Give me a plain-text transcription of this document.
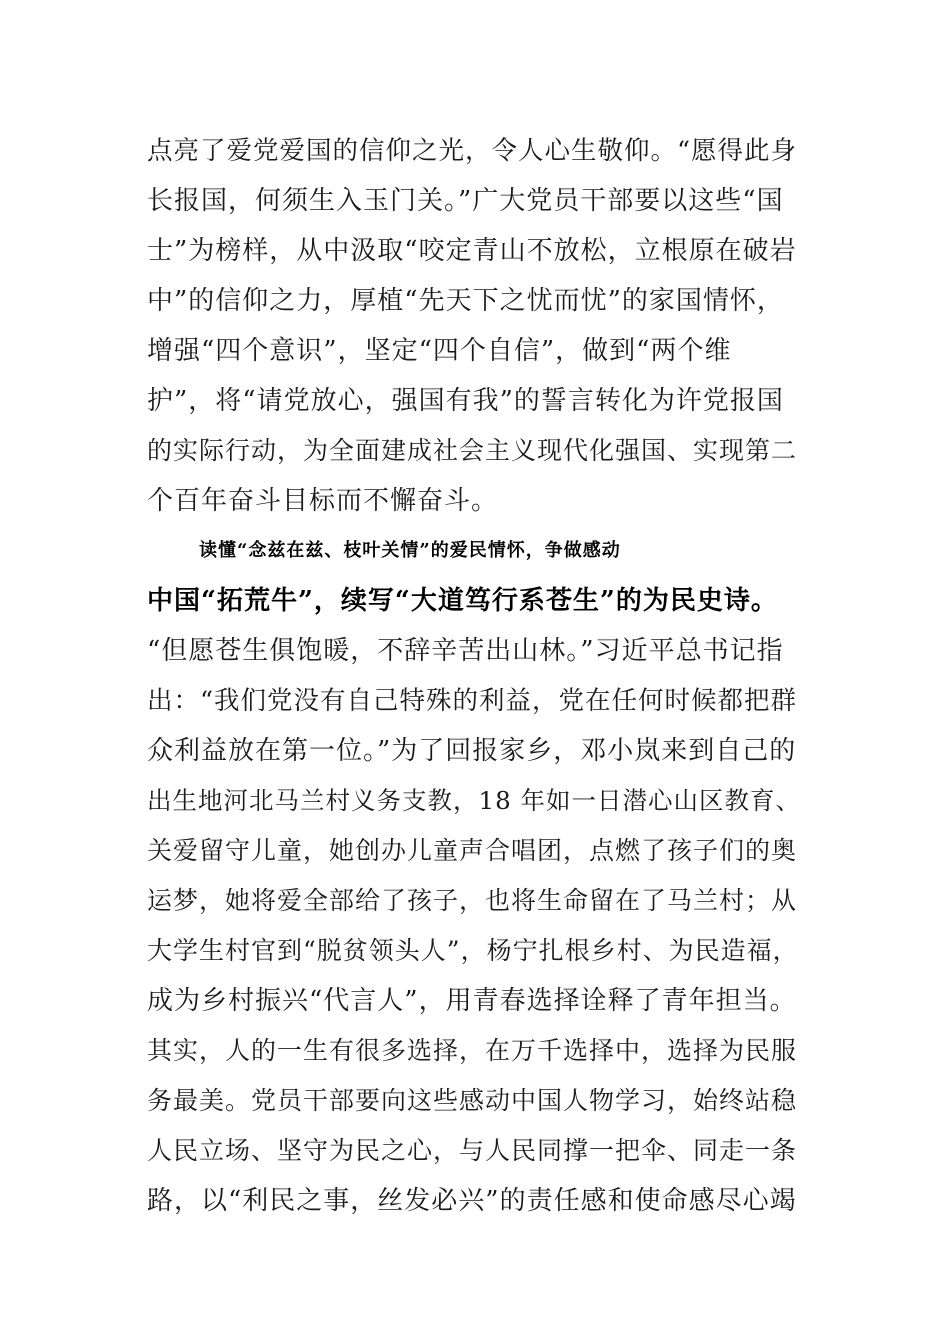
点亮了爱党爱国的信仰之光，令人心生敬仰。“愿得此身
长报国，何须生入玉门关。”广大党员干部要以这些“国
士”为榜样，从中汲取“咬定青山不放松，立根原在破岩
中”的信仰之力，厚植“先天下之忧而忧”的家国情怀，
增强“四个意识”，坚定“四个自信”，做到“两个维
护”，将“请党放心，强国有我”的誓言转化为许党报国
的实际行动，为全面建成社会主义现代化强国、实现第二
个百年奋斗目标而不懈奋斗。
读懂“念兹在兹、枝叶关情”的爱民情怀，争做感动
中国“拓荒牛”，续写“大道笃行系苍生”的为民史诗。
“但愿苍生俱饱暖，不辞辛苦出山林。”习近平总书记指
出：“我们党没有自己特殊的利益，党在任何时候都把群
众利益放在第一位。”为了回报家乡，邓小岚来到自己的
出生地河北马兰村义务支教，18 年如一日潜心山区教育、
关爱留守儿童，她创办儿童声合唱团，点燃了孩子们的奥
运梦，她将爱全部给了孩子，也将生命留在了马兰村；从
大学生村官到“脱贫领头人”，杨宁扎根乡村、为民造福，
成为乡村振兴“代言人”，用青春选择诠释了青年担当。
其实，人的一生有很多选择，在万千选择中，选择为民服
务最美。党员干部要向这些感动中国人物学习，始终站稳
人民立场、坚守为民之心，与人民同撑一把伞、同走一条
路，以“利民之事，丝发必兴”的责任感和使命感尽心竭
